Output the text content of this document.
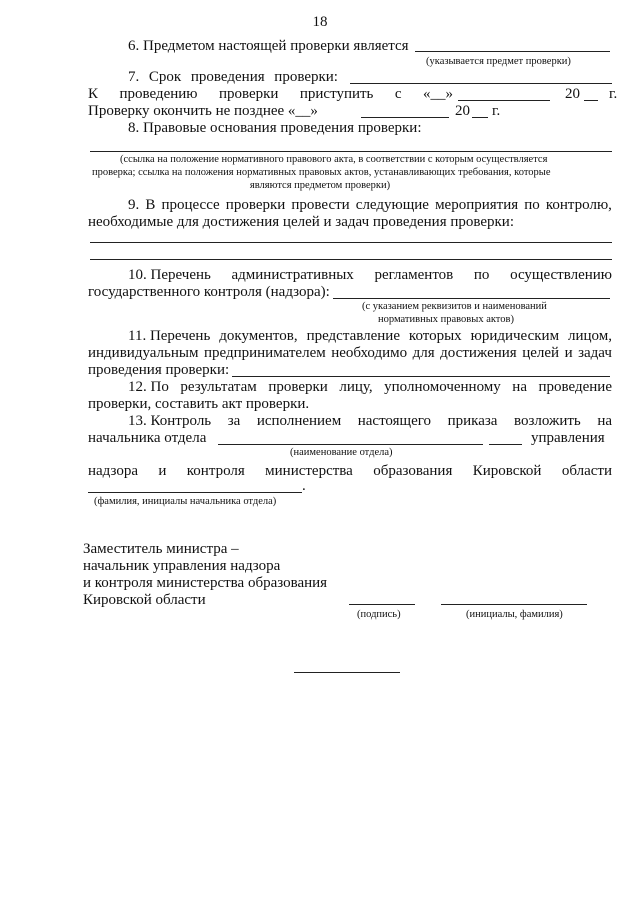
18
6. Предметом настоящей проверки является
(указывается предмет проверки)
7. Срок проведения проверки:
К проведению проверки приступить с «__»	20 г.
Проверку окончить не позднее «__»	20 г.
8. Правовые основания проведения проверки:
(ссылка на положение нормативного правового акта, в соответствии с которым осуществляется
проверка; ссылка на положения нормативных правовых актов, устанавливающих требования, которые
являются предметом проверки)
9. В процессе проверки провести следующие мероприятия по контролю,
необходимые для достижения целей и задач проведения проверки:
10. Перечень административных регламентов по осуществлению
государственного контроля (надзора):
(с указанием реквизитов и наименований
нормативных правовых актов)
11. Перечень документов, представление которых юридическим лицом,
индивидуальным предпринимателем необходимо для достижения целей и задач
проведения проверки:
12. По результатам проверки лицу, уполномоченному на проведение
проверки, составить акт проверки.
13. Контроль за исполнением настоящего приказа возложить на
начальника отдела	управления
(наименование отдела)
надзора и контроля министерства образования Кировской области
.
(фамилия, инициалы начальника отдела)
Заместитель министра –
начальник управления надзора
и контроля министерства образования
Кировской области
(подпись)	(инициалы, фамилия)
